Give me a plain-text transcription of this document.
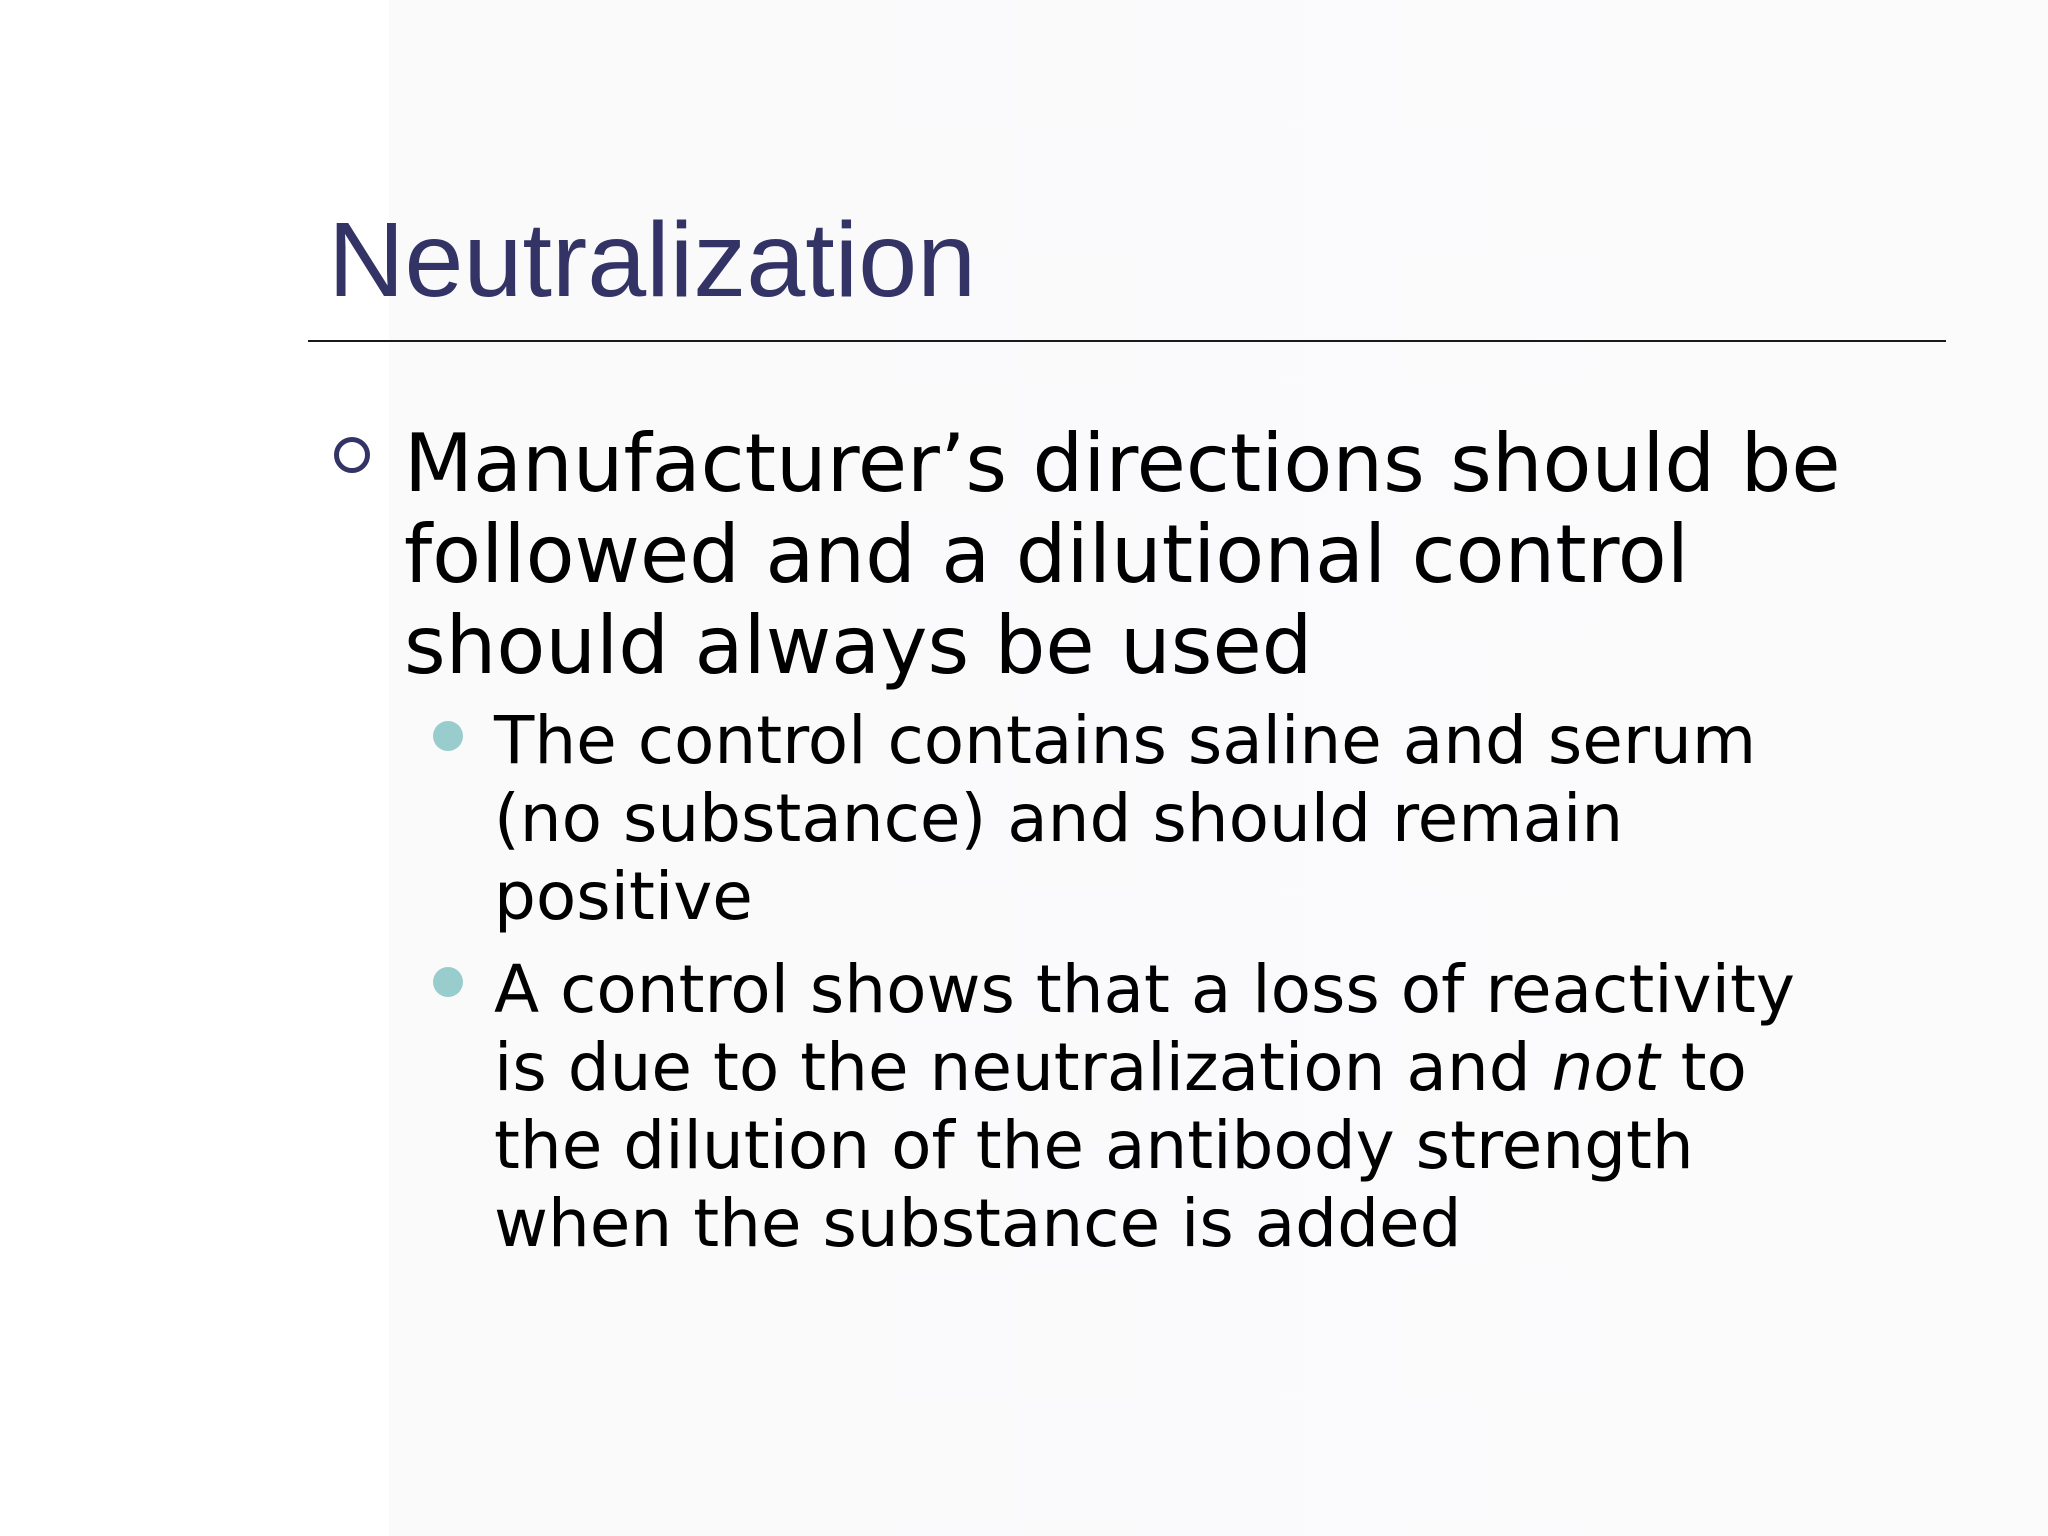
Neutralization
Manufacturer’s directions should be
followed and a dilutional control
should always be used
The control contains saline and serum
(no substance) and should remain
positive
A control shows that a loss of reactivity
is due to the neutralization and not to
the dilution of the antibody strength
when the substance is added
